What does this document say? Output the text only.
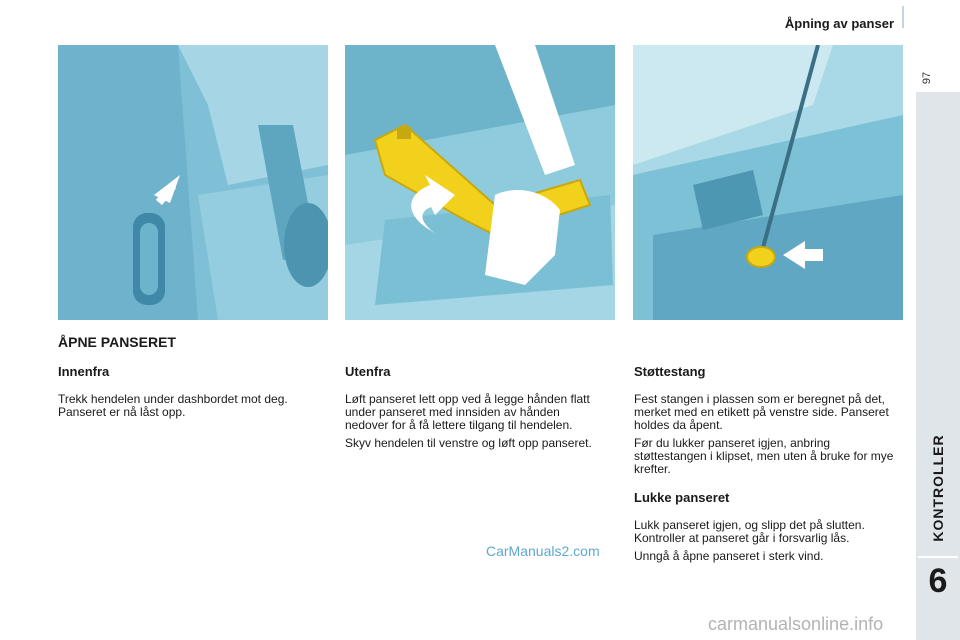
Åpning av panser
97
KONTROLLER
6
ÅPNE PANSERET
Innenfra

Trekk hendelen under dashbordet mot deg. Panseret er nå låst opp.

Utenfra

Løft panseret lett opp ved å legge hånden flatt under panseret med innsiden av hånden nedover for å få lettere tilgang til hendelen.

Skyv hendelen til venstre og løft opp panseret.

Støttestang

Fest stangen i plassen som er beregnet på det, merket med en etikett på venstre side. Panseret holdes da åpent.

Før du lukker panseret igjen, anbring støttestangen i klipset, men uten å bruke for mye krefter.

Lukke panseret

Lukk panseret igjen, og slipp det på slutten. Kontroller at panseret går i forsvarlig lås.

Unngå å åpne panseret i sterk vind.

CarManuals2.com
carmanualsonline.info
